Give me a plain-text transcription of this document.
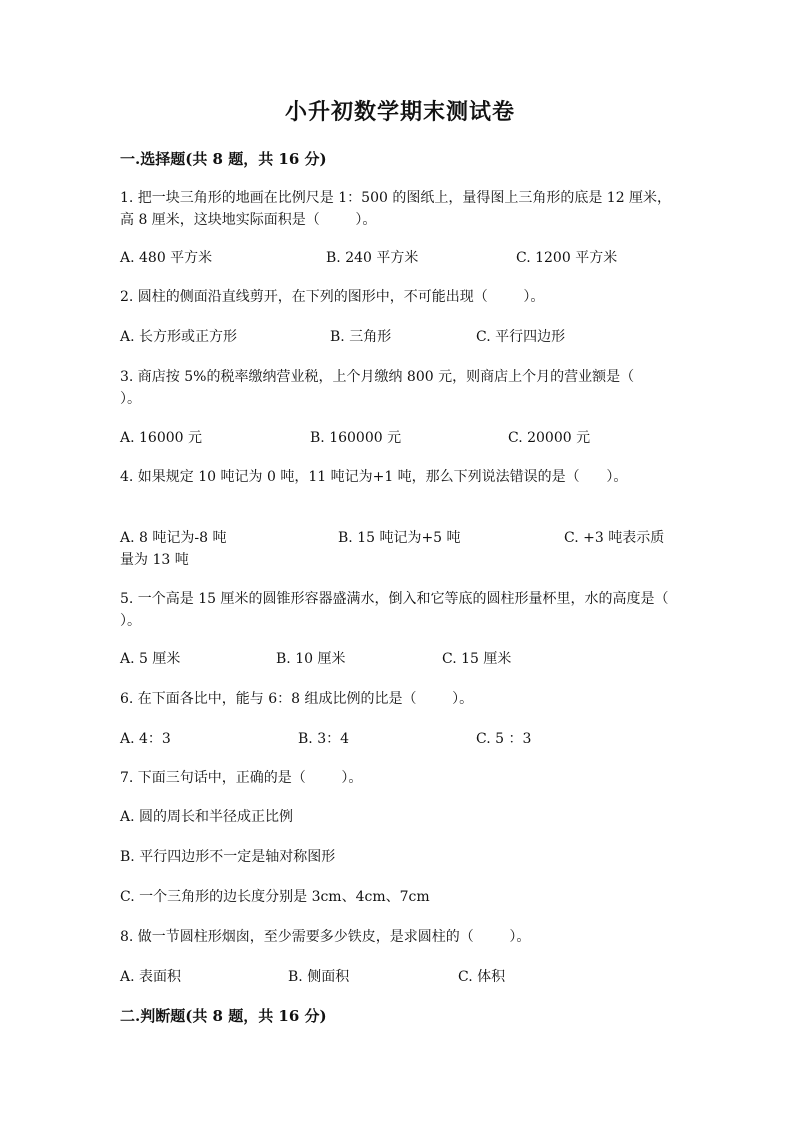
小升初数学期末测试卷
一.选择题(共 8 题，共 16 分)
1. 把一块三角形的地画在比例尺是 1：500 的图纸上，量得图上三角形的底是 12 厘米，高 8 厘米，这块地实际面积是（        ）。
A. 480 平方米	B. 240 平方米	C. 1200 平方米
2. 圆柱的侧面沿直线剪开，在下列的图形中，不可能出现（        ）。
A. 长方形或正方形	B. 三角形	C. 平行四边形
3. 商店按 5%的税率缴纳营业税，上个月缴纳 800 元，则商店上个月的营业额是（          ）。
A. 16000 元	B. 160000 元	C. 20000 元
4. 如果规定 10 吨记为 0 吨，11 吨记为+1 吨，那么下列说法错误的是（      ）。
A. 8 吨记为-8 吨	B. 15 吨记为+5 吨	C. +3 吨表示质
量为 13 吨
5. 一个高是 15 厘米的圆锥形容器盛满水，倒入和它等底的圆柱形量杯里，水的高度是（        ）。
A. 5 厘米	B. 10 厘米	C. 15 厘米
6. 在下面各比中，能与 6：8 组成比例的比是（        ）。
A. 4：3	B. 3：4	C. 5 ：3
7. 下面三句话中，正确的是（        ）。
A. 圆的周长和半径成正比例
B. 平行四边形不一定是轴对称图形
C. 一个三角形的边长度分别是 3cm、4cm、7cm
8. 做一节圆柱形烟囱，至少需要多少铁皮，是求圆柱的（        ）。
A. 表面积	B. 侧面积	C. 体积
二.判断题(共 8 题，共 16 分)
